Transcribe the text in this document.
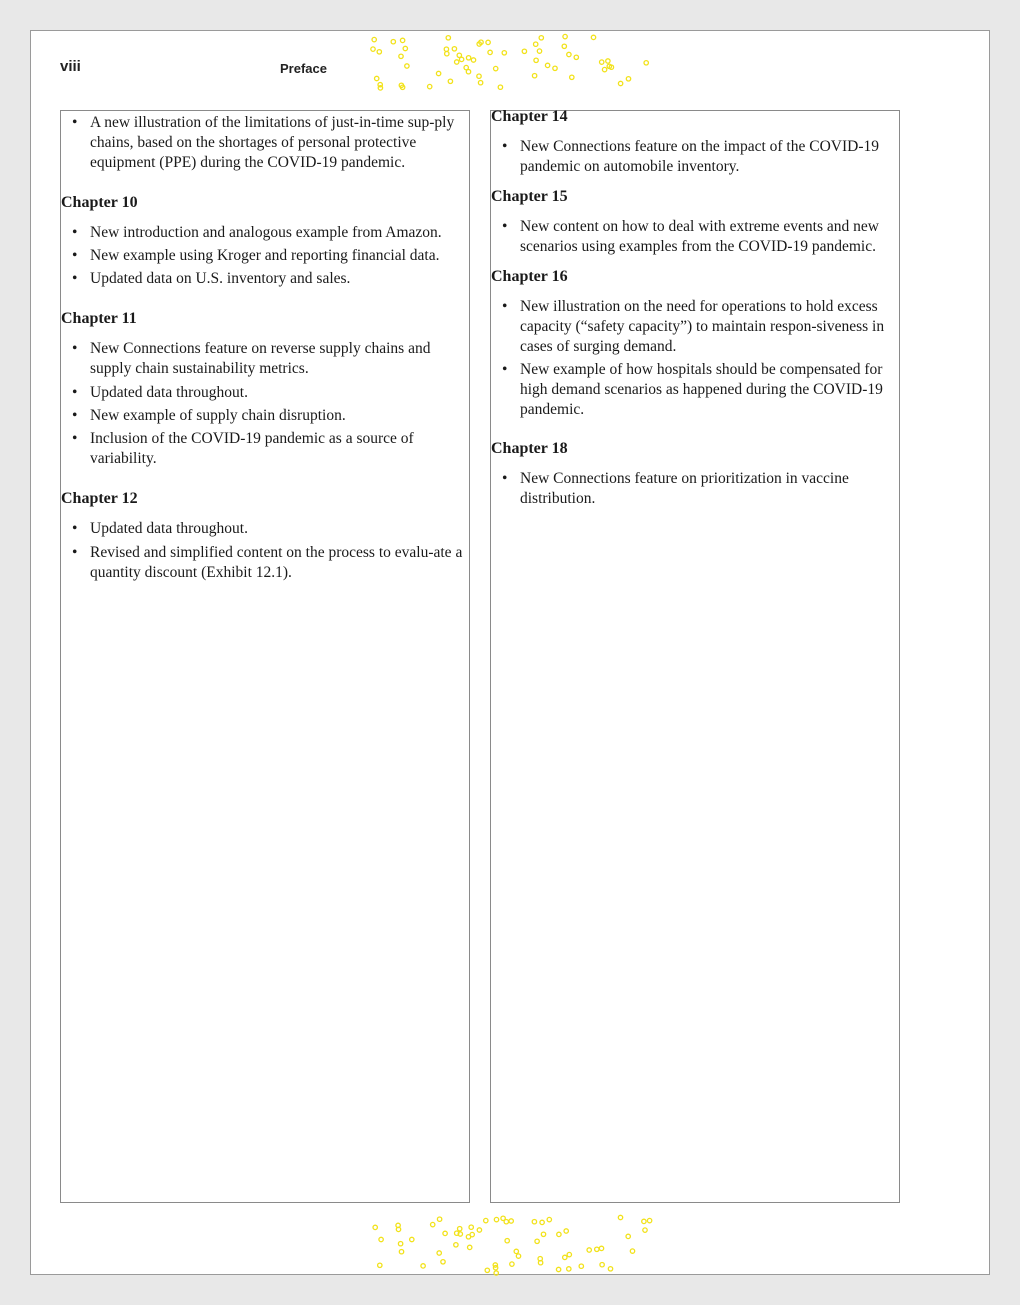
viii	Preface
• A new illustration of the limitations of just-in-time sup-ply chains, based on the shortages of personal protective equipment (PPE) during the COVID-19 pandemic.

Chapter 10

• New introduction and analogous example from Amazon.
• New example using Kroger and reporting financial data.
• Updated data on U.S. inventory and sales.

Chapter 11

• New Connections feature on reverse supply chains and supply chain sustainability metrics.
• Updated data throughout.
• New example of supply chain disruption.
• Inclusion of the COVID-19 pandemic as a source of variability.

Chapter 12

• Updated data throughout.
• Revised and simplified content on the process to evalu-ate a quantity discount (Exhibit 12.1).

Chapter 14

• New Connections feature on the impact of the COVID-19 pandemic on automobile inventory.

Chapter 15

• New content on how to deal with extreme events and new scenarios using examples from the COVID-19 pandemic.

Chapter 16

• New illustration on the need for operations to hold excess capacity (“safety capacity”) to maintain respon-siveness in cases of surging demand.
• New example of how hospitals should be compensated for high demand scenarios as happened during the COVID-19 pandemic.

Chapter 18

• New Connections feature on prioritization in vaccine distribution.
